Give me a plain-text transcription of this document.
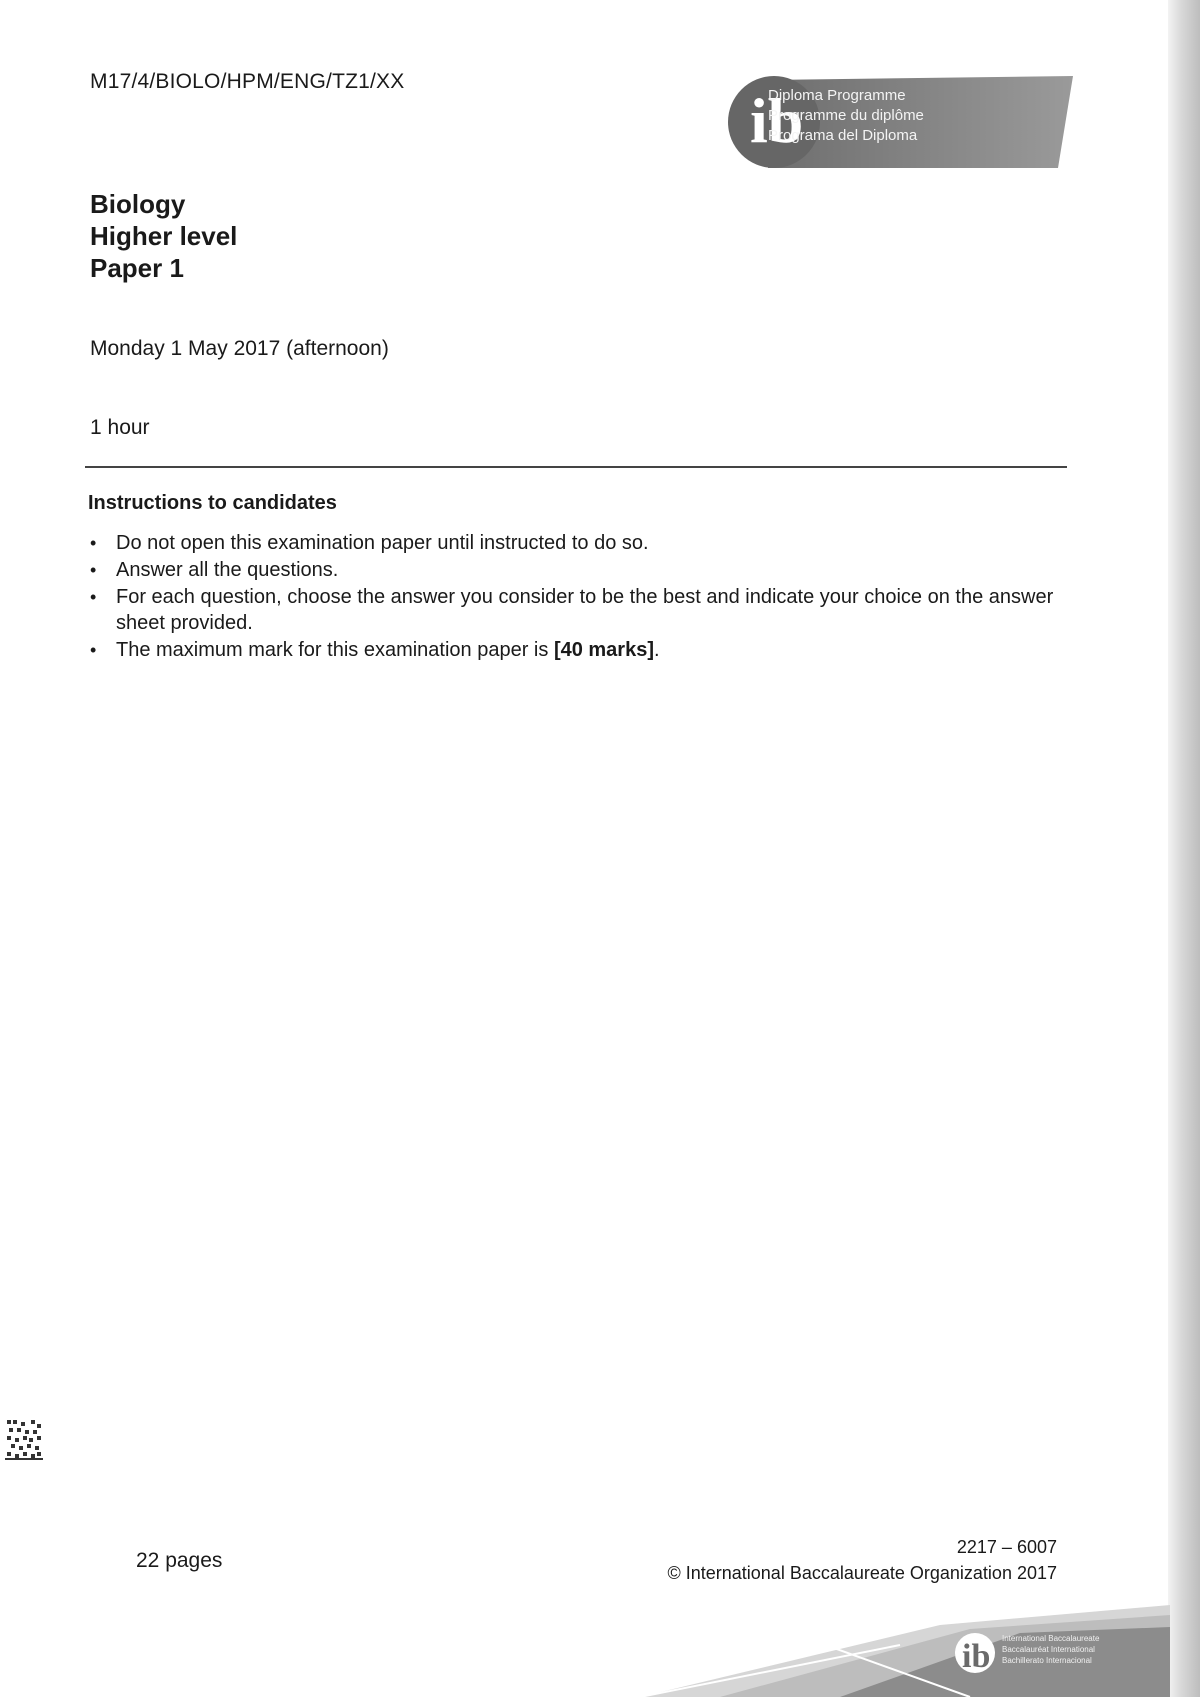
M17/4/BIOLO/HPM/ENG/TZ1/XX
ib
Diploma Programme
Programme du diplôme
Programa del Diploma
Biology
Higher level
Paper 1
Monday 1 May 2017 (afternoon)
1 hour
Instructions to candidates
• Do not open this examination paper until instructed to do so.
• Answer all the questions.
• For each question, choose the answer you consider to be the best and indicate your choice on the answer sheet provided.
• The maximum mark for this examination paper is [40 marks].
22 pages
2217 – 6007
© International Baccalaureate Organization 2017
ib International Baccalaureate
Baccalauréat International
Bachillerato Internacional
